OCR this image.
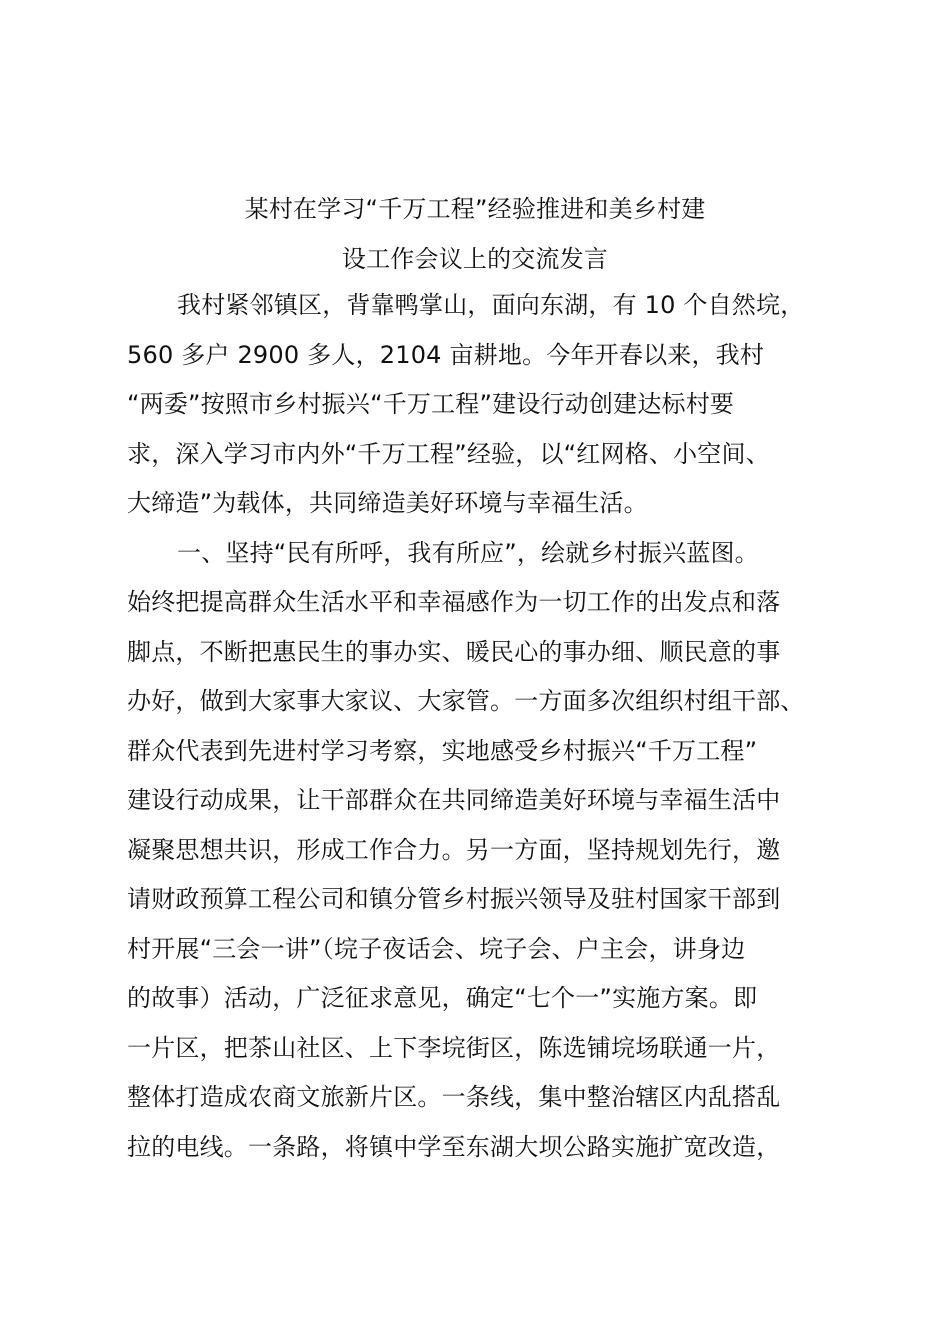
某村在学习“千万工程”经验推进和美乡村建
设工作会议上的交流发言
我村紧邻镇区，背靠鸭掌山，面向东湖，有 10 个自然垸，
560 多户 2900 多人，2104 亩耕地。今年开春以来，我村
“两委”按照市乡村振兴“千万工程”建设行动创建达标村要
求，深入学习市内外“千万工程”经验，以“红网格、小空间、
大缔造”为载体，共同缔造美好环境与幸福生活。
一、坚持“民有所呼，我有所应”，绘就乡村振兴蓝图。
始终把提高群众生活水平和幸福感作为一切工作的出发点和落
脚点，不断把惠民生的事办实、暖民心的事办细、顺民意的事
办好，做到大家事大家议、大家管。一方面多次组织村组干部、
群众代表到先进村学习考察，实地感受乡村振兴“千万工程”
建设行动成果，让干部群众在共同缔造美好环境与幸福生活中
凝聚思想共识，形成工作合力。另一方面，坚持规划先行，邀
请财政预算工程公司和镇分管乡村振兴领导及驻村国家干部到
村开展“三会一讲”（垸子夜话会、垸子会、户主会，讲身边
的故事）活动，广泛征求意见，确定“七个一”实施方案。即
一片区，把茶山社区、上下李垸街区，陈选铺垸场联通一片，
整体打造成农商文旅新片区。一条线，集中整治辖区内乱搭乱
拉的电线。一条路，将镇中学至东湖大坝公路实施扩宽改造，
